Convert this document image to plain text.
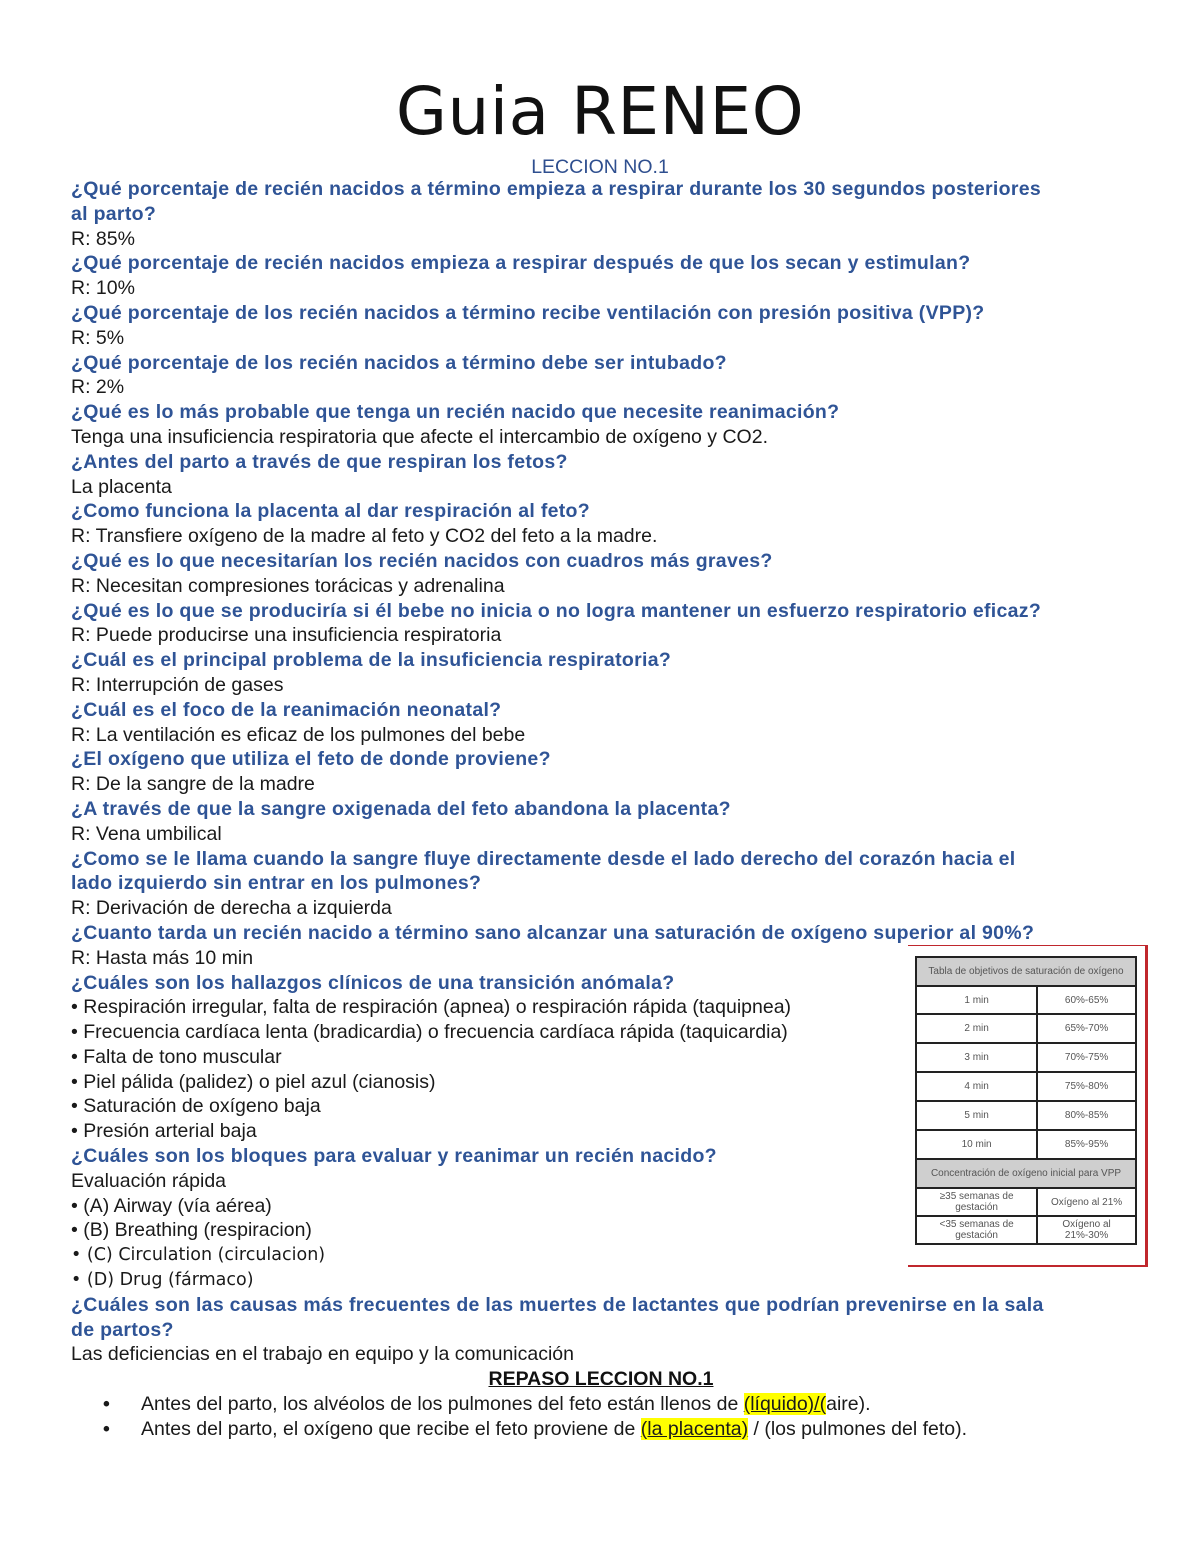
Guia RENEO
LECCION NO.1
¿Qué porcentaje de recién nacidos a término empieza a respirar durante los 30 segundos posteriores
al parto?
R: 85%
¿Qué porcentaje de recién nacidos empieza a respirar después de que los secan y estimulan?
R: 10%
¿Qué porcentaje de los recién nacidos a término recibe ventilación con presión positiva (VPP)?
R: 5%
¿Qué porcentaje de los recién nacidos a término debe ser intubado?
R: 2%
¿Qué es lo más probable que tenga un recién nacido que necesite reanimación?
Tenga una insuficiencia respiratoria que afecte el intercambio de oxígeno y CO2.
¿Antes del parto a través de que respiran los fetos?
La placenta
¿Como funciona la placenta al dar respiración al feto?
R: Transfiere oxígeno de la madre al feto y CO2 del feto a la madre.
¿Qué es lo que necesitarían los recién nacidos con cuadros más graves?
R: Necesitan compresiones torácicas y adrenalina
¿Qué es lo que se produciría si él bebe no inicia o no logra mantener un esfuerzo respiratorio eficaz?
R: Puede producirse una insuficiencia respiratoria
¿Cuál es el principal problema de la insuficiencia respiratoria?
R: Interrupción de gases
¿Cuál es el foco de la reanimación neonatal?
R: La ventilación es eficaz de los pulmones del bebe
¿El oxígeno que utiliza el feto de donde proviene?
R: De la sangre de la madre
¿A través de que la sangre oxigenada del feto abandona la placenta?
R: Vena umbilical
¿Como se le llama cuando la sangre fluye directamente desde el lado derecho del corazón hacia el
lado izquierdo sin entrar en los pulmones?
R: Derivación de derecha a izquierda
¿Cuanto tarda un recién nacido a término sano alcanzar una saturación de oxígeno superior al 90%?
R: Hasta más 10 min
¿Cuáles son los hallazgos clínicos de una transición anómala?
• Respiración irregular, falta de respiración (apnea) o respiración rápida (taquipnea)
• Frecuencia cardíaca lenta (bradicardia) o frecuencia cardíaca rápida (taquicardia)
• Falta de tono muscular
• Piel pálida (palidez) o piel azul (cianosis)
• Saturación de oxígeno baja
• Presión arterial baja
¿Cuáles son los bloques para evaluar y reanimar un recién nacido?
Evaluación rápida
• (A) Airway (vía aérea)
• (B) Breathing (respiracion)
• (C) Circulation (circulacion)
• (D) Drug (fármaco)
¿Cuáles son las causas más frecuentes de las muertes de lactantes que podrían prevenirse en la sala
de partos?
Las deficiencias en el trabajo en equipo y la comunicación
REPASO LECCION NO.1
• Antes del parto, los alvéolos de los pulmones del feto están llenos de (líquido)/(aire).
• Antes del parto, el oxígeno que recibe el feto proviene de (la placenta) / (los pulmones del feto).
Tabla de objetivos de saturación de oxígeno	
1 min	60%-65%
2 min	65%-70%
3 min	70%-75%
4 min	75%-80%
5 min	80%-85%
10 min	85%-95%
Concentración de oxígeno inicial para VPP	
≥35 semanas de gestación	Oxígeno al 21%
<35 semanas de gestación	Oxígeno al 21%-30%
